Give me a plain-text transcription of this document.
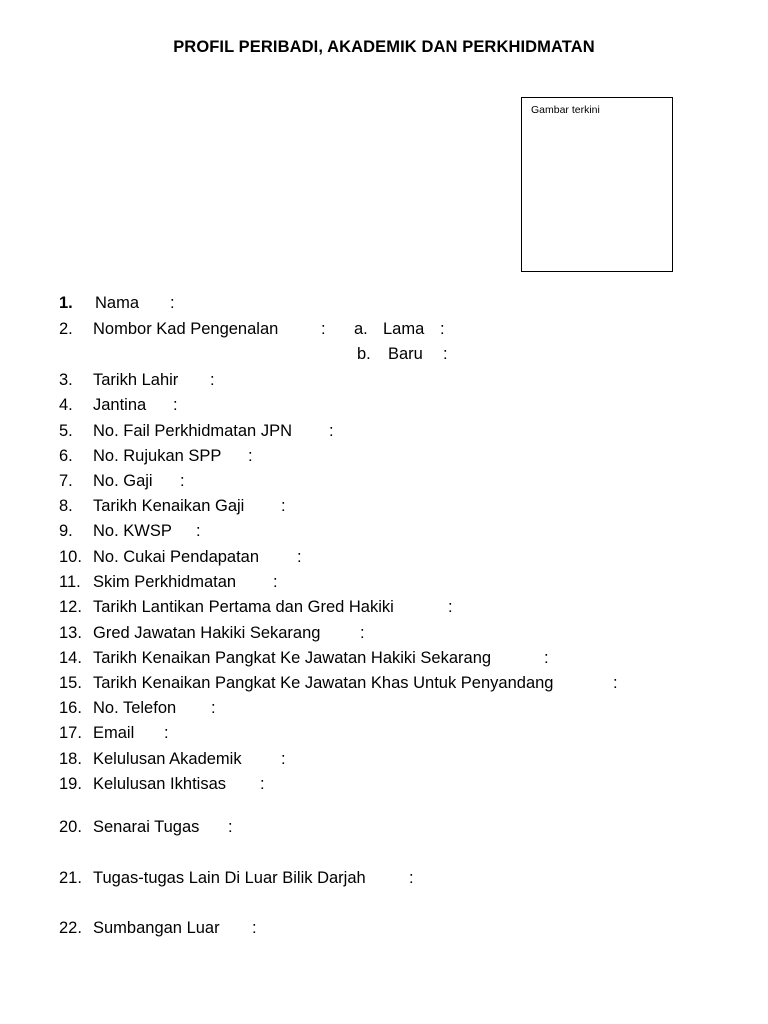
PROFIL PERIBADI, AKADEMIK DAN PERKHIDMATAN
Gambar terkini
1. Nama :
2. Nombor Kad Pengenalan	: a. Lama :
b. Baru :
3. Tarikh Lahir :
4. Jantina :
5. No. Fail Perkhidmatan JPN :
6. No. Rujukan SPP :
7. No. Gaji :
8. Tarikh Kenaikan Gaji :
9. No. KWSP :
10. No. Cukai Pendapatan :
11. Skim Perkhidmatan :
12. Tarikh Lantikan Pertama dan Gred Hakiki	:
13. Gred Jawatan Hakiki Sekarang :
14. Tarikh Kenaikan Pangkat Ke Jawatan Hakiki Sekarang	:
15. Tarikh Kenaikan Pangkat Ke Jawatan Khas Untuk Penyandang	:
16. No. Telefon :
17. Email :
18. Kelulusan Akademik :
19. Kelulusan Ikhtisas :
20. Senarai Tugas :
21. Tugas-tugas Lain Di Luar Bilik Darjah	:
22. Sumbangan Luar :
